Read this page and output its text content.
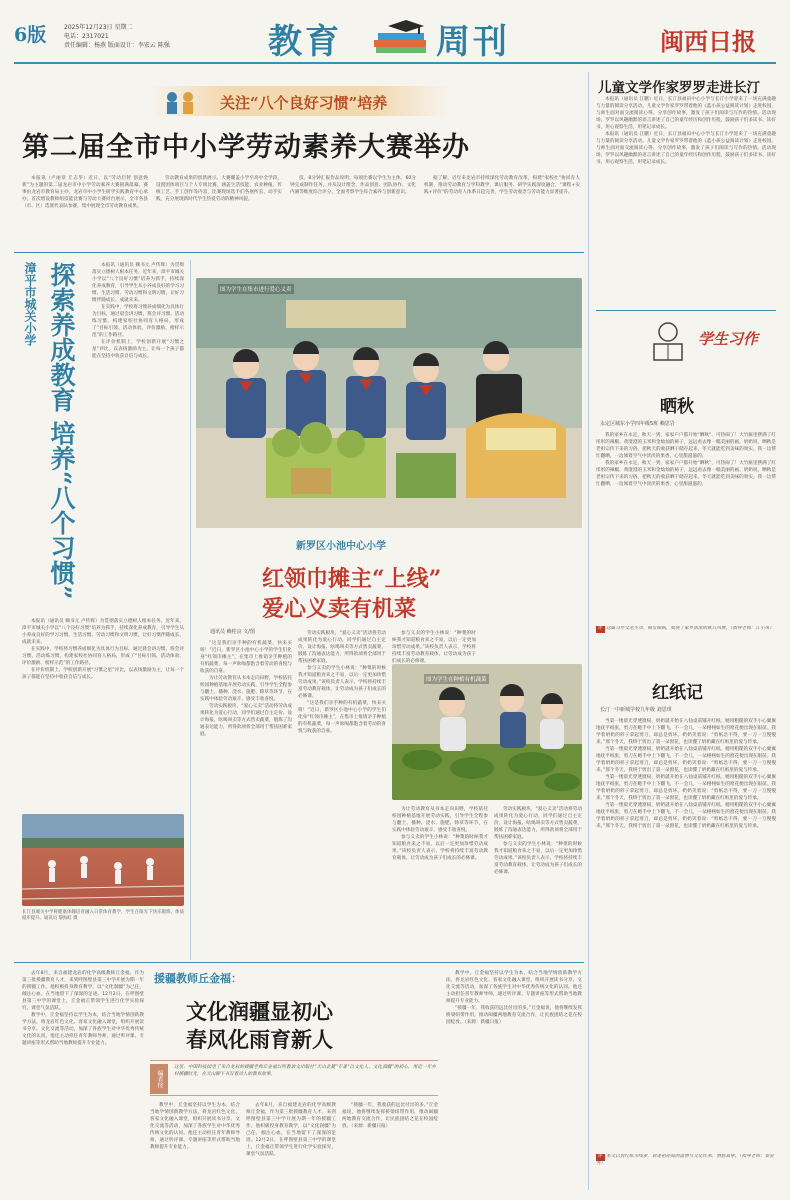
6版	2025年12月23日 星期二
电话：2317021
责任编辑：杨燕 版面设计：李宏云 陈强	教育	周刊	闽西日报
关注“八个良好习惯”培养
第二届全市中小学劳动素养大赛举办

本报讯（卢丽章 丘志华）近日，以“劳动启智 创意焕新”为主题的第二届龙岩市中小学劳动素养大赛圆满落幕。赛事由龙岩市教育局主办，龙岩市中小学生研学实践教育中心承办，首次增设教师组技能比赛与劳动大赛同台展示，全市各县（市、区）选派代表队参赛，集中展现全市劳动教育成果。

劳动教育成果的创新展示。大赛覆盖小学至高中全学段，设置团体项目与个人专项比赛，涵盖生活技能、农业种植、传统工艺、手工创作等内容，比赛现场选手们各展所长、动手实践，充分展现新时代学生热爱劳动的精神风貌。

技，8分钟汇报作品说明；每项比赛以学生为主体，60分钟完成制作任务，并从设计理念、作品创意、团队协作、文化内涵等维度综合评分，全面考察学生综合素养与创新意识。

据了解，近年来龙岩市持续深化劳动教育改革，构建“家校社”协同育人机制，推动劳动教育与学科教学、课后服务、研学实践深度融合，“课程+实践+评价”的劳动育人体系日趋完善，学生劳动观念与劳动能力显著提升。

漳平市城关小学 探索养成教育 培养“八个习惯”	本报讯（通讯员 赖书元 卢传辉）为贯彻落实立德树人根本任务，近年来，漳平市城关小学以“八个良好习惯”培养为抓手，持续深化养成教育，引导学生从小养成良好的学习习惯、生活习惯、劳动习惯和文明习惯，让好习惯伴随成长、成就未来。

在实践中，学校将习惯养成细化为具体行为目标，通过晨会讲习惯、班会评习惯、活动练习惯，构建家校社协同育人格局，形成了“目标引领、活动体验、评价激励、榜样示范”的工作路径。

在评价机制上，学校创新开展“习惯之星”评比，以表扬激励为主，让每一个孩子都能在坚持中收获自信与成长。

本报讯（通讯员 赖书元 卢传辉）为贯彻落实立德树人根本任务，近年来，漳平市城关小学以“八个良好习惯”培养为抓手，持续深化养成教育，引导学生从小养成良好的学习习惯、生活习惯、劳动习惯和文明习惯，让好习惯伴随成长、成就未来。

在实践中，学校将习惯养成细化为具体行为目标，通过晨会讲习惯、班会评习惯、活动练习惯，构建家校社协同育人格局，形成了“目标引领、活动体验、评价激励、榜样示范”的工作路径。

在评价机制上，学校创新开展“习惯之星”评比，以表扬激励为主，让每一个孩子都能在坚持中收获自信与成长。

长汀县城关中学将健康体魄培育融入日常体育教学，学生在阳光下快乐锻炼，体质稳步提升。通讯员 黎海虹 摄
图为学生在集市进行爱心义卖
新罗区小池中心小学
红领巾摊主“上线”
爱心义卖有机菜
通讯员 赖桂良 文/图

“这是我们亲手种的有机蔬菜，快来买呀！”近日，新罗区小池中心小学的学生们化身“红领巾摊主”，在集市上推销亲手种植的有机蔬菜，每一声吆喝都饱含着劳动的喜悦与收获的自豪。

为让劳动教育从书本走向田野，学校依托校园种植基地开展劳动实践，引导学生全程参与翻土、播种、浇水、施肥、除草等环节，在实践中体验劳动艰辛、感受丰收喜悦。

劳动实践板块，“爱心义卖”活动将劳动成果转化为爱心行动，同学们通过自主定价、设计海报、吆喝叫卖等方式售卖蔬菜，锻炼了沟通表达能力，所得款项将全部用于帮扶困难家庭。

劳动实践板块，“爱心义卖”活动将劳动成果转化为爱心行动，同学们通过自主定价、设计海报、吆喝叫卖等方式售卖蔬菜，锻炼了沟通表达能力，所得款项将全部用于帮扶困难家庭。

参与义卖的学生小林说：“种菜的时候我才知道粮食来之不易，以后一定更加珍惜劳动成果。”该校负责人表示，学校将持续丰富劳动教育载体，让劳动成为孩子们成长的必修课。

“这是我们亲手种的有机蔬菜，快来买呀！”近日，新罗区小池中心小学的学生们化身“红领巾摊主”，在集市上推销亲手种植的有机蔬菜，每一声吆喝都饱含着劳动的喜悦与收获的自豪。

参与义卖的学生小林说：“种菜的时候我才知道粮食来之不易，以后一定更加珍惜劳动成果。”该校负责人表示，学校将持续丰富劳动教育载体，让劳动成为孩子们成长的必修课。

图为学生在种植有机蔬菜

为让劳动教育从书本走向田野，学校依托校园种植基地开展劳动实践，引导学生全程参与翻土、播种、浇水、施肥、除草等环节，在实践中体验劳动艰辛、感受丰收喜悦。

参与义卖的学生小林说：“种菜的时候我才知道粮食来之不易，以后一定更加珍惜劳动成果。”该校负责人表示，学校将持续丰富劳动教育载体，让劳动成为孩子们成长的必修课。

劳动实践板块，“爱心义卖”活动将劳动成果转化为爱心行动，同学们通过自主定价、设计海报、吆喝叫卖等方式售卖蔬菜，锻炼了沟通表达能力，所得款项将全部用于帮扶困难家庭。

参与义卖的学生小林说：“种菜的时候我才知道粮食来之不易，以后一定更加珍惜劳动成果。”该校负责人表示，学校将持续丰富劳动教育载体，让劳动成为孩子们成长的必修课。

儿童文学作家罗罗走进长汀

本报讯（通讯员 江鹏）近日，长汀县福田中心小学与长汀小学迎来了一场充满童趣与力量的阅读分享活动。儿童文学作家罗罗带着他的《蓝小孩公益阅读计划》走进校园，与师生面对面交流阅读心得、分享创作故事，激发了孩子们阅读与写作的热情。活动现场，罗罗以风趣幽默的语言讲述了自己的童年经历和创作历程，鼓励孩子们多读书、读好书，用心观察生活，用笔记录成长。

本报讯（通讯员 江鹏）近日，长汀县福田中心小学与长汀小学迎来了一场充满童趣与力量的阅读分享活动。儿童文学作家罗罗带着他的《蓝小孩公益阅读计划》走进校园，与师生面对面交流阅读心得、分享创作故事，激发了孩子们阅读与写作的热情。活动现场，罗罗以风趣幽默的语言讲述了自己的童年经历和创作历程，鼓励孩子们多读书、读好书，用心观察生活，用笔记录成长。

学生习作
晒秋
永定区城东小学四年级5班 赖思岩

我的家乡在永定，秋天一到，家家户户都开始“晒秋”，可热闹了！大竹匾里摆满了红彤彤的辣椒、黄澄澄的玉米和金灿灿的柿子，远远看去像一幅美丽的画。奶奶说，晒秋是老祖宗传下来的习俗，把秋天的收获晒干储存起来，冬天就能吃到美味的果实。我一边帮忙翻晒，一边闻着空气中淡淡的果香，心里甜滋滋的。

我的家乡在永定，秋天一到，家家户户都开始“晒秋”，可热闹了！大竹匾里摆满了红彤彤的辣椒、黄澄澄的玉米和金灿灿的柿子，远远看去像一幅美丽的画。奶奶说，晒秋是老祖宗传下来的习俗，把秋天的收获晒干储存起来，冬天就能吃到美味的果实。我一边帮忙翻晒，一边闻着空气中淡淡的果香，心里甜滋滋的。

评 这篇习作文笔生动，描写细腻，展现了家乡浓浓的秋日风情。（指导老师：江小凤）
红纸记
长汀一中新城学校九年级 刘思琪

当第一缕晨光穿透窗棂，奶奶就开始在八仙桌前铺开红纸。她用粗糙的双手小心翼翼地抚平纸张，剪刀在她手中上下翻飞，不一会儿，一朵栩栩如生的窗花便出现在眼前。我学着奶奶的样子拿起剪刀，却总是剪坏。奶奶笑着说：“剪纸急不得，要一刀一刀慢慢来。”那个冬天，我终于剪出了第一朵窗花，也读懂了奶奶藏在红纸里的爱与传承。

当第一缕晨光穿透窗棂，奶奶就开始在八仙桌前铺开红纸。她用粗糙的双手小心翼翼地抚平纸张，剪刀在她手中上下翻飞，不一会儿，一朵栩栩如生的窗花便出现在眼前。我学着奶奶的样子拿起剪刀，却总是剪坏。奶奶笑着说：“剪纸急不得，要一刀一刀慢慢来。”那个冬天，我终于剪出了第一朵窗花，也读懂了奶奶藏在红纸里的爱与传承。

当第一缕晨光穿透窗棂，奶奶就开始在八仙桌前铺开红纸。她用粗糙的双手小心翼翼地抚平纸张，剪刀在她手中上下翻飞，不一会儿，一朵栩栩如生的窗花便出现在眼前。我学着奶奶的样子拿起剪刀，却总是剪坏。奶奶笑着说：“剪纸急不得，要一刀一刀慢慢来。”那个冬天，我终于剪出了第一朵窗花，也读懂了奶奶藏在红纸里的爱与传承。

当第一缕晨光穿透窗棂，奶奶就开始在八仙桌前铺开红纸。她用粗糙的双手小心翼翼地抚平纸张，剪刀在她手中上下翻飞，不一会儿，一朵栩栩如生的窗花便出现在眼前。我学着奶奶的样子拿起剪刀，却总是剪坏。奶奶笑着说：“剪纸急不得，要一刀一刀慢慢来。”那个冬天，我终于剪出了第一朵窗花，也读懂了奶奶藏在红纸里的爱与传承。

评 本文以剪红纸为线索，讲述祖孙间的温情与文化传承，情感真挚。（指导老师：秦金秀）

去年8月，来自福建龙岩的化学高级教师丘金福，作为第三批援疆教育人才，来到呼图壁县第三中学开展为期一年的援疆工作。他积极投身教育教学，以“文化润疆”为己任，倾注心血，在当地留下了深深的足迹。12月2日，在呼图壁县第三中学的课堂上，丘金福正带领学生进行化学实验探究，课堂气氛活跃。

教学中，丘金福坚持以学生为本，结合当地学情创新教学方法，将龙岩红色文化、客家文化融入课堂，组织开展读书分享、文化交流等活动，加深了各族学生对中华优秀传统文化的认同。他还主动担任青年教师导师，通过听评课、专题讲座等形式帮助当地教师提升专业能力。

援疆教师丘金福：
文化润疆显初心
春风化雨育新人
编者按
这里，中国科技园里了来自龙岩的援疆老师丘金福以所教语文出版社“天山北麓”专著“以文化人、文化润疆”的初心，用近一年乡村援疆时光，在天山脚下书写着动人的教育故事。

教学中，丘金福坚持以学生为本，结合当地学情创新教学方法，将龙岩红色文化、客家文化融入课堂，组织开展读书分享、文化交流等活动，加深了各族学生对中华优秀传统文化的认同。他还主动担任青年教师导师，通过听评课、专题讲座等形式帮助当地教师提升专业能力。

去年8月，来自福建龙岩的化学高级教师丘金福，作为第三批援疆教育人才，来到呼图壁县第三中学开展为期一年的援疆工作。他积极投身教育教学，以“文化润疆”为己任，倾注心血，在当地留下了深深的足迹。12月2日，在呼图壁县第三中学的课堂上，丘金福正带领学生进行化学实验探究，课堂气氛活跃。

“援疆一年，我收获的远比付出的多。”丘金福说，他将继续发挥桥梁纽带作用，推动闽疆两地教育交流合作，让民族团结之花在校园绽放。（来源：新疆日报）

教学中，丘金福坚持以学生为本，结合当地学情创新教学方法，将龙岩红色文化、客家文化融入课堂，组织开展读书分享、文化交流等活动，加深了各族学生对中华优秀传统文化的认同。他还主动担任青年教师导师，通过听评课、专题讲座等形式帮助当地教师提升专业能力。

“援疆一年，我收获的远比付出的多。”丘金福说，他将继续发挥桥梁纽带作用，推动闽疆两地教育交流合作，让民族团结之花在校园绽放。（来源：新疆日报）
